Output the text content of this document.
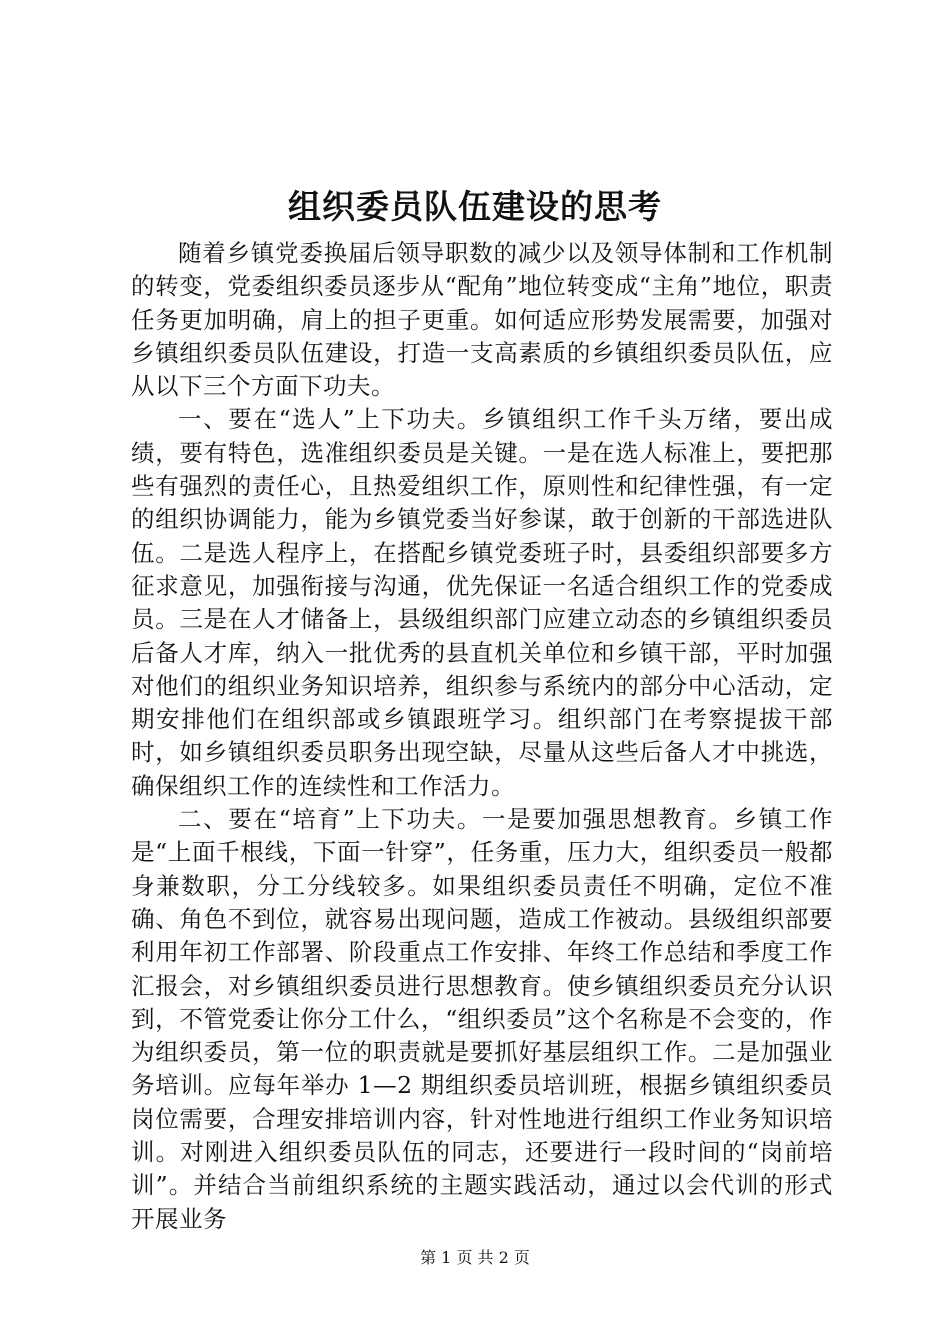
组织委员队伍建设的思考

随着乡镇党委换届后领导职数的减少以及领导体制和工作机制的转变，党委组织委员逐步从“配角”地位转变成“主角”地位，职责任务更加明确，肩上的担子更重。如何适应形势发展需要，加强对乡镇组织委员队伍建设，打造一支高素质的乡镇组织委员队伍，应从以下三个方面下功夫。

一、要在“选人”上下功夫。乡镇组织工作千头万绪，要出成绩，要有特色，选准组织委员是关键。一是在选人标准上，要把那些有强烈的责任心，且热爱组织工作，原则性和纪律性强，有一定的组织协调能力，能为乡镇党委当好参谋，敢于创新的干部选进队伍。二是选人程序上，在搭配乡镇党委班子时，县委组织部要多方征求意见，加强衔接与沟通，优先保证一名适合组织工作的党委成员。三是在人才储备上，县级组织部门应建立动态的乡镇组织委员后备人才库，纳入一批优秀的县直机关单位和乡镇干部，平时加强对他们的组织业务知识培养，组织参与系统内的部分中心活动，定期安排他们在组织部或乡镇跟班学习。组织部门在考察提拔干部时，如乡镇组织委员职务出现空缺，尽量从这些后备人才中挑选，确保组织工作的连续性和工作活力。

二、要在“培育”上下功夫。一是要加强思想教育。乡镇工作是“上面千根线，下面一针穿”，任务重，压力大，组织委员一般都身兼数职，分工分线较多。如果组织委员责任不明确，定位不准确、角色不到位，就容易出现问题，造成工作被动。县级组织部要利用年初工作部署、阶段重点工作安排、年终工作总结和季度工作汇报会，对乡镇组织委员进行思想教育。使乡镇组织委员充分认识到，不管党委让你分工什么，“组织委员”这个名称是不会变的，作为组织委员，第一位的职责就是要抓好基层组织工作。二是加强业务培训。应每年举办 1—2 期组织委员培训班，根据乡镇组织委员岗位需要，合理安排培训内容，针对性地进行组织工作业务知识培训。对刚进入组织委员队伍的同志，还要进行一段时间的“岗前培训”。并结合当前组织系统的主题实践活动，通过以会代训的形式开展业务

第 1 页 共 2 页
